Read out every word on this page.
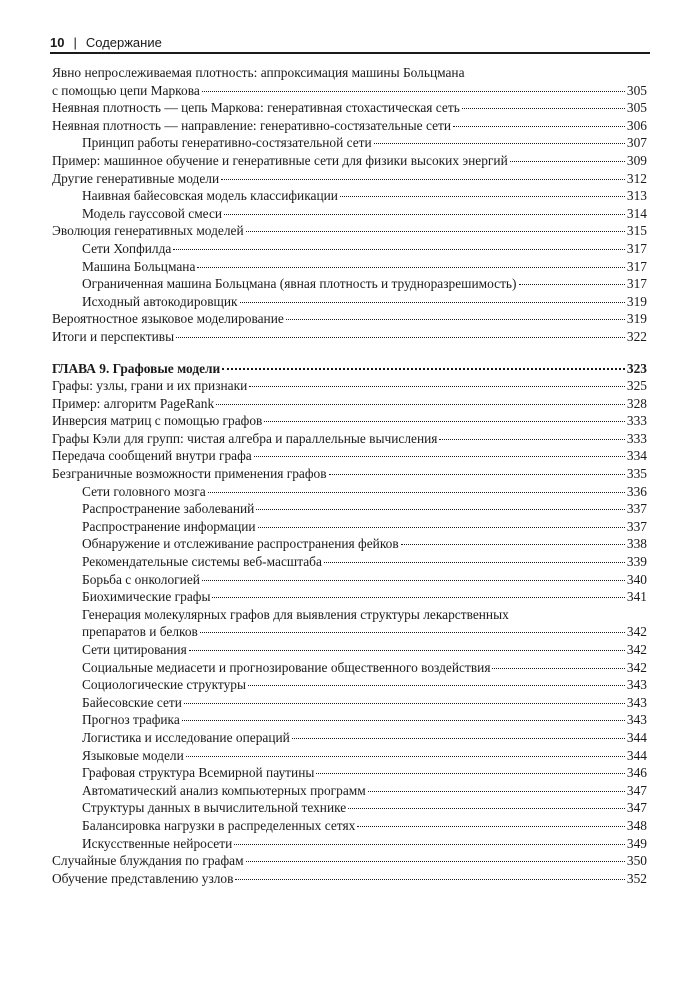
10 | Содержание
Явно непрослеживаемая плотность: аппроксимация машины Больцмана
с помощью цепи Маркова	305
Неявная плотность — цепь Маркова: генеративная стохастическая сеть	305
Неявная плотность — направление: генеративно-состязательные сети	306
Принцип работы генеративно-состязательной сети	307
Пример: машинное обучение и генеративные сети для физики высоких энергий	309
Другие генеративные модели	312
Наивная байесовская модель классификации	313
Модель гауссовой смеси	314
Эволюция генеративных моделей	315
Сети Хопфилда	317
Машина Больцмана	317
Ограниченная машина Больцмана (явная плотность и трудноразрешимость)	317
Исходный автокодировщик	319
Вероятностное языковое моделирование	319
Итоги и перспективы	322
ГЛАВА 9. Графовые модели	323
Графы: узлы, грани и их признаки	325
Пример: алгоритм PageRank	328
Инверсия матриц с помощью графов	333
Графы Кэли для групп: чистая алгебра и параллельные вычисления	333
Передача сообщений внутри графа	334
Безграничные возможности применения графов	335
Сети головного мозга	336
Распространение заболеваний	337
Распространение информации	337
Обнаружение и отслеживание распространения фейков	338
Рекомендательные системы веб-масштаба	339
Борьба с онкологией	340
Биохимические графы	341
Генерация молекулярных графов для выявления структуры лекарственных
препаратов и белков	342
Сети цитирования	342
Социальные медиасети и прогнозирование общественного воздействия	342
Социологические структуры	343
Байесовские сети	343
Прогноз трафика	343
Логистика и исследование операций	344
Языковые модели	344
Графовая структура Всемирной паутины	346
Автоматический анализ компьютерных программ	347
Структуры данных в вычислительной технике	347
Балансировка нагрузки в распределенных сетях	348
Искусственные нейросети	349
Случайные блуждания по графам	350
Обучение представлению узлов	352
